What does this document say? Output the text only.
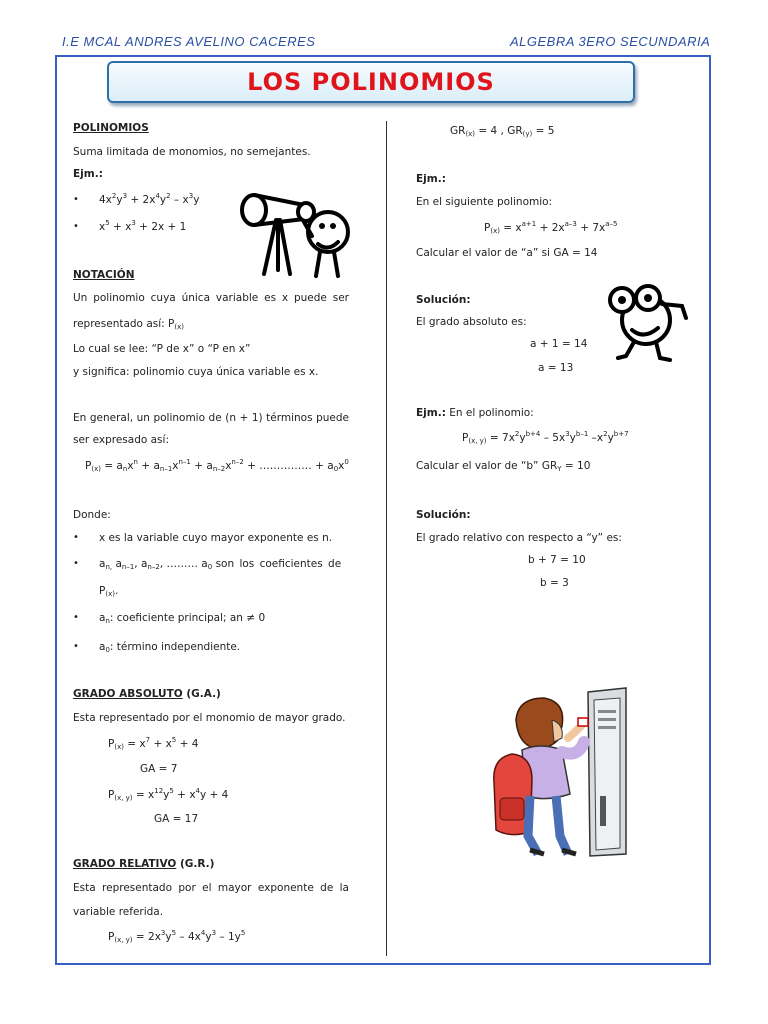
I.E MCAL ANDRES AVELINO CACERES	ALGEBRA 3ERO SECUNDARIA
LOS POLINOMIOS
POLINOMIOS
Suma limitada de monomios, no semejantes.
Ejm.:
• $4x^2y^3 + 2x^4y^2 - x^3y$
• $x^5 + x^3 + 2x + 1$
NOTACIÓN
Un polinomio cuya única variable es x puede ser
representado así: $P_{(x)}$
Lo cual se lee: “P de x” o “P en x”
y significa: polinomio cuya única variable es x.
En general, un polinomio de (n + 1) términos puede
ser expresado así:
$P_{(x)} = a_nx^n + a_{n-1}x^{n-1} + a_{n-2}x^{n-2}$ + …………… + $a_0x^0$
Donde:
• x es la variable cuyo mayor exponente es n.
• $a_{n,}$ $a_{n-1}$, $a_{n-2}$, ……… $a_0$ son los coeficientes de
$P_{(x)}$.
• $a_n$: coeficiente principal; an ≠ 0
• $a_0$: término independiente.
GRADO ABSOLUTO (G.A.)
Esta representado por el monomio de mayor grado.
$P_{(x)} = x^7 + x^5 + 4$
GA = 7
$P_{(x, y)} = x^{12}y^5 + x^4y + 4$
GA = 17
GRADO RELATIVO (G.R.)
Esta representado por el mayor exponente de la
variable referida.
$P_{(x, y)} = 2x^3y^5 - 4x^4y^3 - 1y^5$
$GR_{(x)} = 4$ , $GR_{(y)} = 5$
Ejm.:
En el siguiente polinomio:
$P_{(x)} = x^{a+1} + 2x^{a-3} + 7x^{a-5}$
Calcular el valor de “a” si GA = 14
Solución:
El grado absoluto es:
a + 1 = 14
a = 13
Ejm.: En el polinomio:
$P_{(x, y)} = 7x^2y^{b+4} - 5x^3y^{b-1}$ $-x^2y^{b+7}$
Calcular el valor de “b” $GR_Y = 10$
Solución:
El grado relativo con respecto a “y” es:
b + 7 = 10
b = 3
